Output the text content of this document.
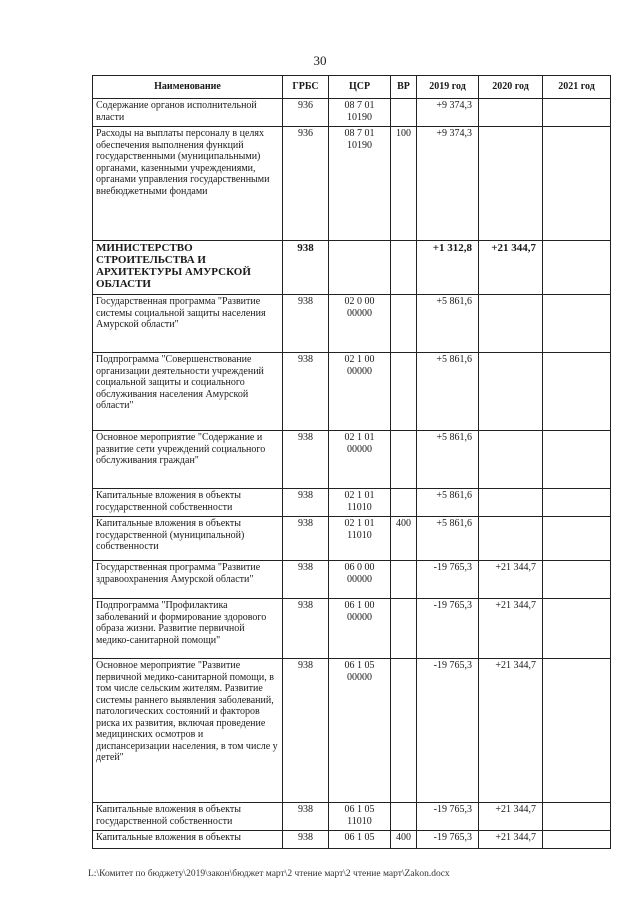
30
Наименование	ГРБС	ЦСР	ВР	2019 год	2020 год	2021 год
Содержание органов исполнительной власти	936	08 7 01 10190		+9 374,3		
Расходы на выплаты персоналу в целях обеспечения выполнения функций государственными (муниципальными) органами, казенными учреждениями, органами управления государственными внебюджетными фондами	936	08 7 01 10190	100	+9 374,3		
МИНИСТЕРСТВО СТРОИТЕЛЬСТВА И АРХИТЕКТУРЫ АМУРСКОЙ ОБЛАСТИ	938			+1 312,8	+21 344,7	
Государственная программа "Развитие системы социальной защиты населения Амурской области"	938	02 0 00 00000		+5 861,6		
Подпрограмма "Совершенствование организации деятельности учреждений социальной защиты и социального обслуживания населения Амурской области"	938	02 1 00 00000		+5 861,6		
Основное мероприятие "Содержание и развитие сети учреждений социального обслуживания граждан"	938	02 1 01 00000		+5 861,6		
Капитальные вложения в объекты государственной собственности	938	02 1 01 11010		+5 861,6		
Капитальные вложения в объекты государственной (муниципальной) собственности	938	02 1 01 11010	400	+5 861,6		
Государственная программа "Развитие здравоохранения Амурской области"	938	06 0 00 00000		-19 765,3	+21 344,7	
Подпрограмма "Профилактика заболеваний и формирование здорового образа жизни. Развитие первичной медико-санитарной помощи"	938	06 1 00 00000		-19 765,3	+21 344,7	
Основное мероприятие "Развитие первичной медико-санитарной помощи, в том числе сельским жителям. Развитие системы раннего выявления заболеваний, патологических состояний и факторов риска их развития, включая проведение медицинских осмотров и диспансеризации населения, в том числе у детей"	938	06 1 05 00000		-19 765,3	+21 344,7	
Капитальные вложения в объекты государственной собственности	938	06 1 05 11010		-19 765,3	+21 344,7	
Капитальные вложения в объекты	938	06 1 05	400	-19 765,3	+21 344,7	
L:\Комитет по бюджету\2019\закон\бюджет март\2 чтение март\2 чтение март\Zakon.docx
